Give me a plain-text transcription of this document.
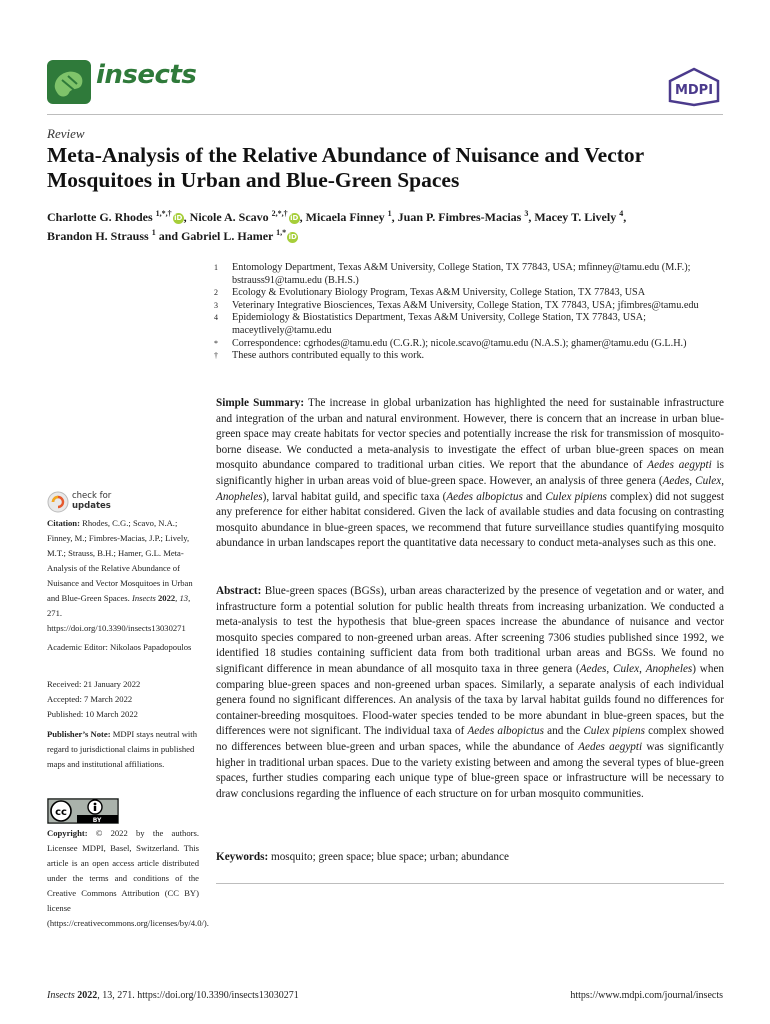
insects
MDPI
Review
Meta-Analysis of the Relative Abundance of Nuisance and Vector Mosquitoes in Urban and Blue-Green Spaces
Charlotte G. Rhodes $^{1,*,\dagger}$ iD, Nicole A. Scavo $^{2,*,\dagger}$ iD, Micaela Finney $^1$, Juan P. Fimbres-Macias $^3$, Macey T. Lively $^4$,
Brandon H. Strauss $^1$ and Gabriel L. Hamer $^{1,*}$ iD
1	Entomology Department, Texas A&M University, College Station, TX 77843, USA; mfinney@tamu.edu (M.F.); bstrauss91@tamu.edu (B.H.S.)
2	Ecology & Evolutionary Biology Program, Texas A&M University, College Station, TX 77843, USA
3	Veterinary Integrative Biosciences, Texas A&M University, College Station, TX 77843, USA; jfimbres@tamu.edu
4	Epidemiology & Biostatistics Department, Texas A&M University, College Station, TX 77843, USA; maceytlively@tamu.edu
*	Correspondence: cgrhodes@tamu.edu (C.G.R.); nicole.scavo@tamu.edu (N.A.S.); ghamer@tamu.edu (G.L.H.)
†	These authors contributed equally to this work.
Simple Summary: The increase in global urbanization has highlighted the need for sustainable infrastructure and integration of the urban and natural environment. However, there is concern that an increase in urban blue-green space may create habitats for vector species and potentially increase the risk for transmission of mosquito-borne disease. We conducted a meta-analysis to investigate the effect of urban blue-green spaces on mean mosquito abundance compared to traditional urban cities. We report that the abundance of Aedes aegypti is significantly higher in urban areas void of blue-green space. However, an analysis of three genera (Aedes, Culex, Anopheles), larval habitat guild, and specific taxa (Aedes albopictus and Culex pipiens complex) did not suggest any preference for either habitat considered. Given the lack of available studies and data focusing on contrasting mosquito abundance in blue-green spaces, we recommend that future surveillance studies quantifying mosquito abundance in urban landscapes report the quantitative data necessary to conduct meta-analyses such as this one.
Abstract: Blue-green spaces (BGSs), urban areas characterized by the presence of vegetation and or water, and infrastructure form a potential solution for public health threats from increasing urbanization. We conducted a meta-analysis to test the hypothesis that blue-green spaces increase the abundance of nuisance and vector mosquito species compared to non-greened urban areas. After screening 7306 studies published since 1992, we identified 18 studies containing sufficient data from both traditional urban areas and BGSs. We found no significant difference in mean abundance of all mosquito taxa in three genera (Aedes, Culex, Anopheles) when comparing blue-green spaces and non-greened urban spaces. Similarly, a separate analysis of each individual genera found no significant differences. An analysis of the taxa by larval habitat guilds found no differences for container-breeding mosquitoes. Flood-water species tended to be more abundant in blue-green spaces, but the differences were not significant. The individual taxa of Aedes albopictus and the Culex pipiens complex showed no differences between blue-green and urban spaces, while the abundance of Aedes aegypti was significantly higher in traditional urban spaces. Due to the variety existing between and among the several types of blue-green spaces, further studies comparing each unique type of blue-green space or infrastructure will be necessary to draw conclusions regarding the influence of each structure on for urban mosquito communities.
Keywords: mosquito; green space; blue space; urban; abundance
check for
updates
Citation: Rhodes, C.G.; Scavo, N.A.; Finney, M.; Fimbres-Macias, J.P.; Lively, M.T.; Strauss, B.H.; Hamer, G.L. Meta-Analysis of the Relative Abundance of Nuisance and Vector Mosquitoes in Urban and Blue-Green Spaces. Insects 2022, 13, 271. https://doi.org/10.3390/insects13030271
Academic Editor: Nikolaos Papadopoulos
Received: 21 January 2022
Accepted: 7 March 2022
Published: 10 March 2022
Publisher’s Note: MDPI stays neutral with regard to jurisdictional claims in published maps and institutional affiliations.
cc
BY
Copyright: © 2022 by the authors. Licensee MDPI, Basel, Switzerland. This article is an open access article distributed under the terms and conditions of the Creative Commons Attribution (CC BY) license (https://creativecommons.org/licenses/by/4.0/).
Insects 2022, 13, 271. https://doi.org/10.3390/insects13030271	https://www.mdpi.com/journal/insects
